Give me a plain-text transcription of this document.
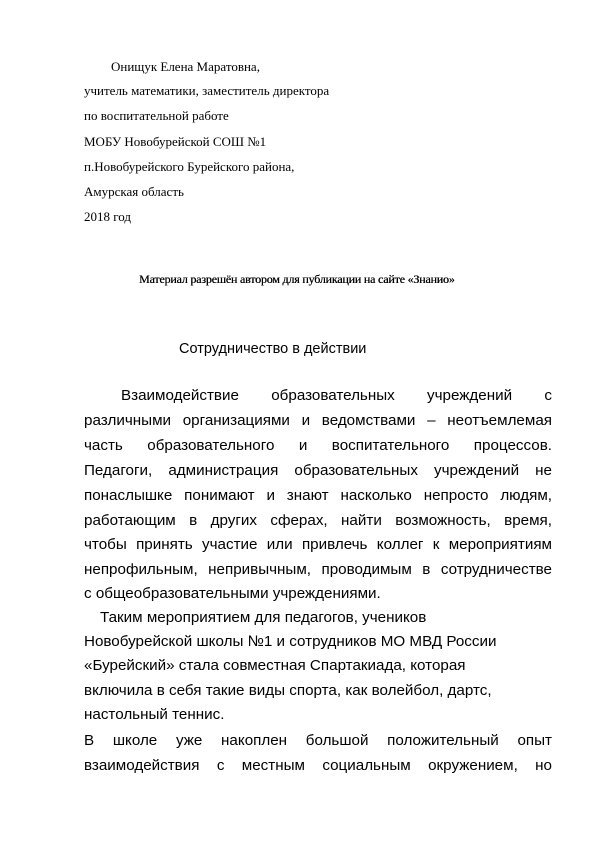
Онищук Елена Маратовна,
учитель математики, заместитель директора
по воспитательной работе
МОБУ Новобурейской СОШ №1
п.Новобурейского Бурейского района,
Амурская область
2018 год
Материал разрешён автором для публикации на сайте «Знанио»
Сотрудничество в действии
Взаимодействие образовательных учреждений с
различными организациями и ведомствами – неотъемлемая
часть образовательного и воспитательного процессов.
Педагоги, администрация образовательных учреждений не
понаслышке понимают и знают насколько непросто людям,
работающим в других сферах, найти возможность, время,
чтобы принять участие или привлечь коллег к мероприятиям
непрофильным, непривычным, проводимым в сотрудничестве
с общеобразовательными учреждениями.
Таким мероприятием для педагогов, учеников
Новобурейской школы №1 и сотрудников МО МВД России
«Бурейский» стала совместная Спартакиада, которая
включила в себя такие виды спорта, как волейбол, дартс,
настольный теннис.
В школе уже накоплен большой положительный опыт
взаимодействия с местным социальным окружением, но
